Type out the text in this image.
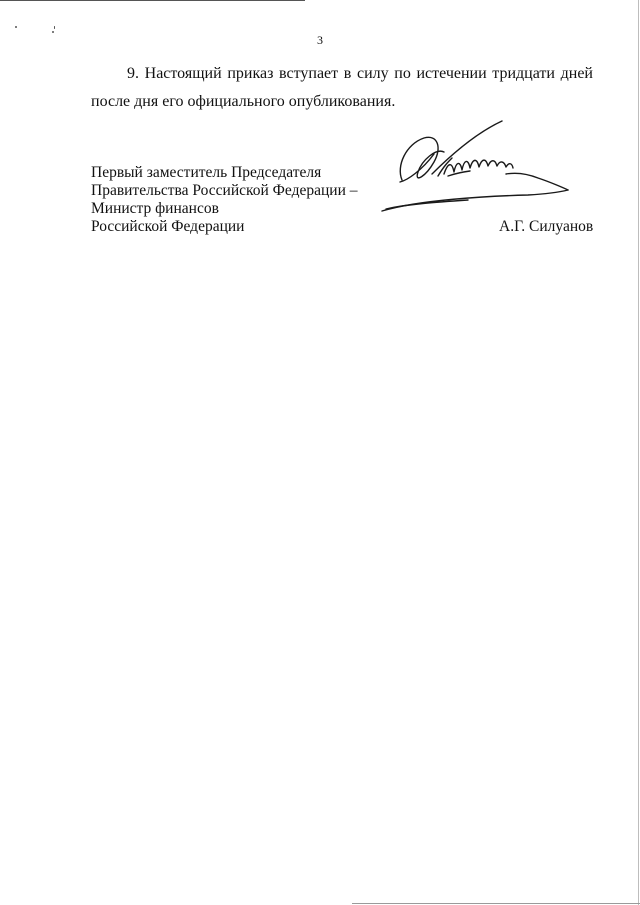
3

9. Настоящий приказ вступает в силу по истечении тридцати дней после дня его официального опубликования.

Первый заместитель Председателя
Правительства Российской Федерации –
Министр финансов
Российской Федерации	А.Г. Силуанов
